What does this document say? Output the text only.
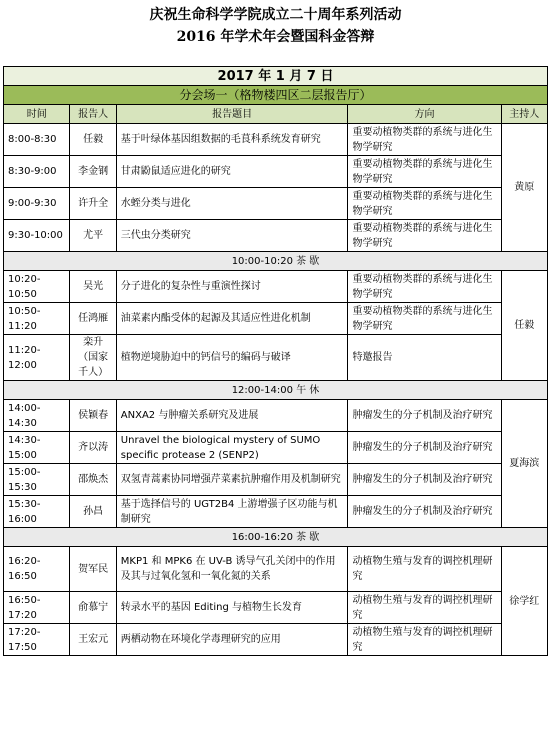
庆祝生命科学学院成立二十周年系列活动
2016 年学术年会暨国科金答辩
2017 年 1 月 7 日				
分会场一（格物楼四区二层报告厅）				
时间	报告人	报告题目	方向	主持人
8:00-8:30	任毅	基于叶绿体基因组数据的毛茛科系统发育研究	重要动植物类群的系统与进化生物学研究	黄原
8:30-9:00	李金钢	甘肃鼢鼠适应进化的研究	重要动植物类群的系统与进化生物学研究	
9:00-9:30	许升全	水蛭分类与进化	重要动植物类群的系统与进化生物学研究	
9:30-10:00	尤平	三代虫分类研究	重要动植物类群的系统与进化生物学研究	
10:00-10:20 茶 歇				
10:20-10:50	吴光	分子进化的复杂性与重演性探讨	重要动植物类群的系统与进化生物学研究	任毅
10:50-11:20	任鸿雁	油菜素内酯受体的起源及其适应性进化机制	重要动植物类群的系统与进化生物学研究	
11:20-12:00	栾升（国家千人）	植物逆境胁迫中的钙信号的编码与破译	特邀报告	
12:00-14:00 午 休				
14:00-14:30	侯颖春	ANXA2 与肿瘤关系研究及进展	肿瘤发生的分子机制及治疗研究	夏海滨
14:30-15:00	齐以涛	Unravel the biological mystery of SUMO specific protease 2 (SENP2)	肿瘤发生的分子机制及治疗研究	
15:00-15:30	邵焕杰	双氢青蒿素协同增强芹菜素抗肿瘤作用及机制研究	肿瘤发生的分子机制及治疗研究	
15:30-16:00	孙昌	基于选择信号的 UGT2B4 上游增强子区功能与机制研究	肿瘤发生的分子机制及治疗研究	
16:00-16:20 茶 歇				
16:20-16:50	贺军民	MKP1 和 MPK6 在 UV-B 诱导气孔关闭中的作用及其与过氧化氢和一氧化氮的关系	动植物生殖与发育的调控机理研究	徐学红
16:50-17:20	俞慕宁	转录水平的基因 Editing 与植物生长发育	动植物生殖与发育的调控机理研究	
17:20-17:50	王宏元	两栖动物在环境化学毒理研究的应用	动植物生殖与发育的调控机理研究	
